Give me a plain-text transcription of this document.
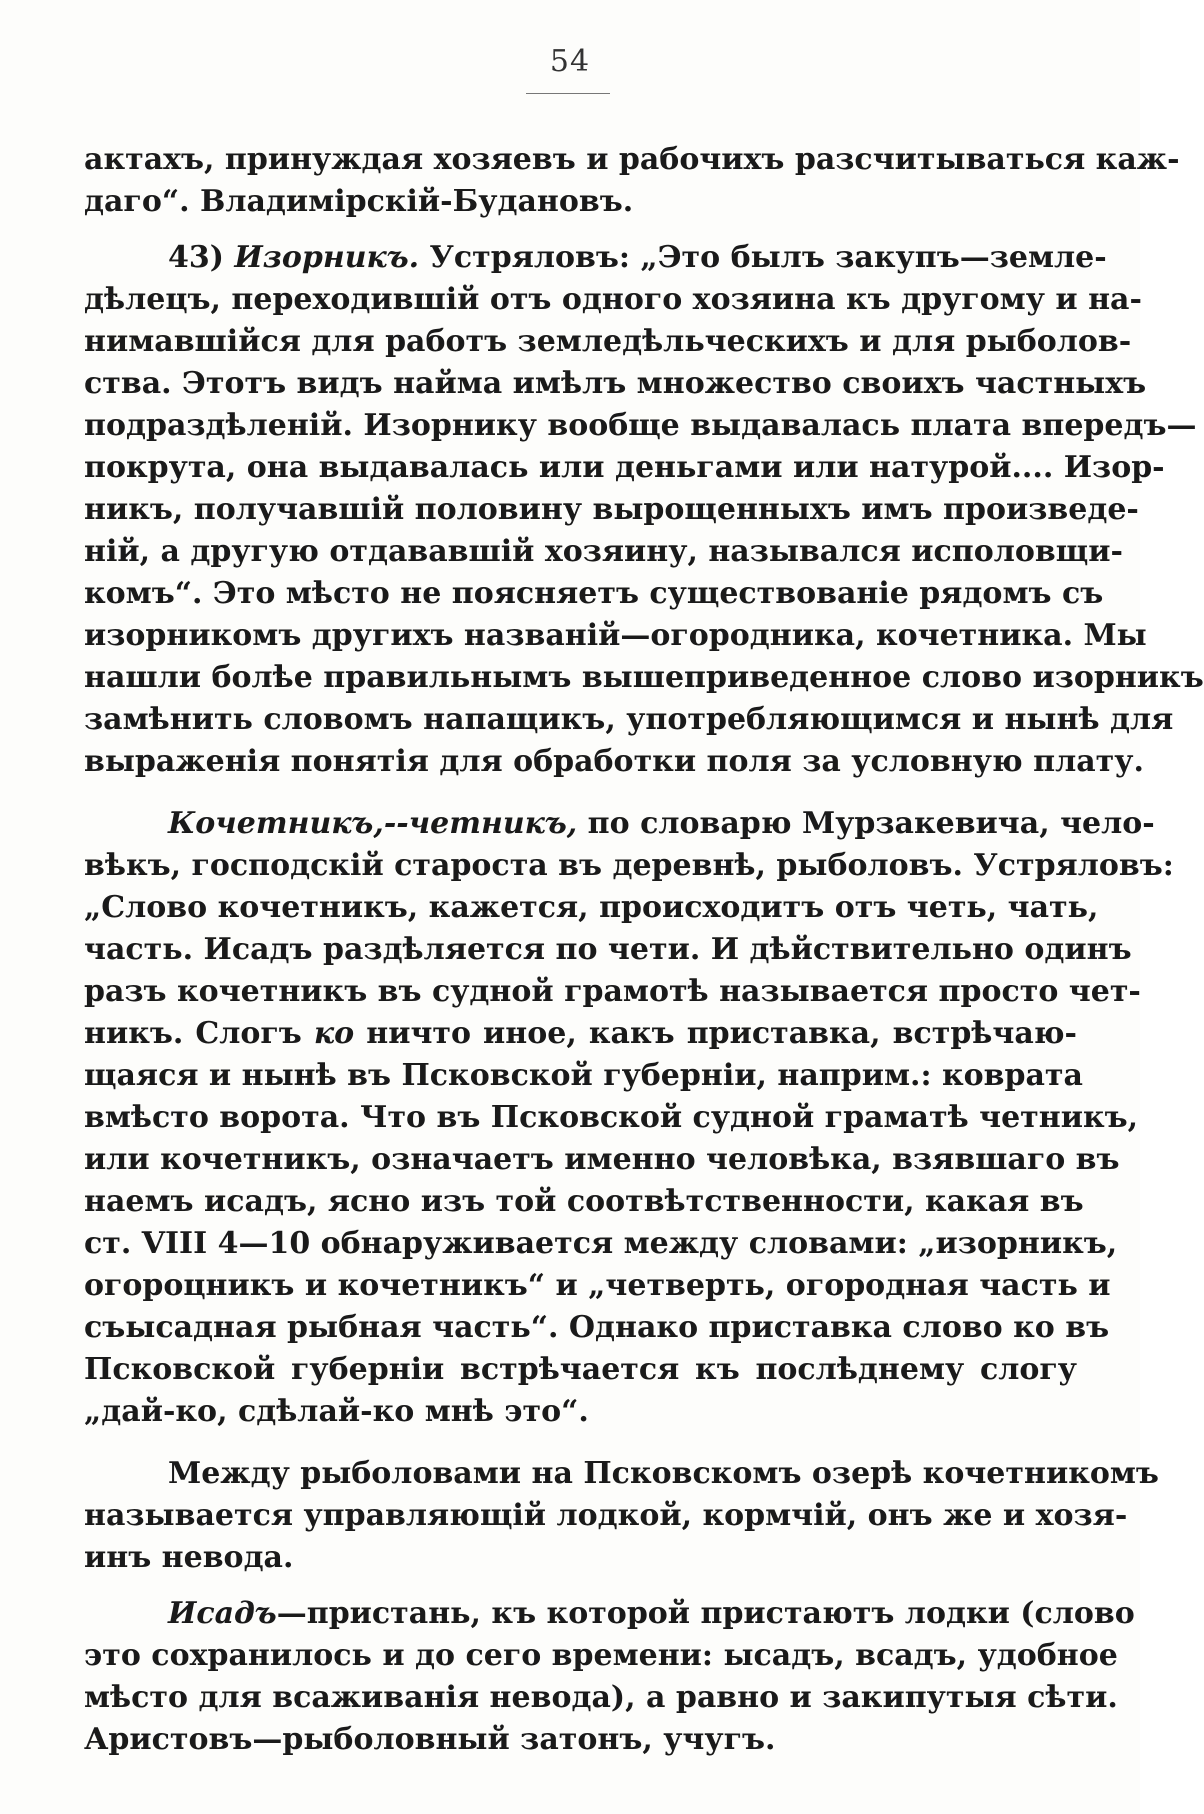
54
актахъ, принуждая хозяевъ и рабочихъ разсчитываться каж-
даго“. Владимірскій-Будановъ.
43) Изорникъ. Устряловъ: „Это былъ закупъ—земле-
дѣлецъ, переходившій отъ одного хозяина къ другому и на-
нимавшійся для работъ земледѣльческихъ и для рыболов-
ства. Этотъ видъ найма имѣлъ множество своихъ частныхъ
подраздѣленій. Изорнику вообще выдавалась плата впередъ—
покрута, она выдавалась или деньгами или натурой.... Изор-
никъ, получавшій половину вырощенныхъ имъ произведе-
ній, а другую отдававшій хозяину, назывался исполовщи-
комъ“. Это мѣсто не поясняетъ существованіе рядомъ съ
изорникомъ другихъ названій—огородника, кочетника. Мы
нашли болѣе правильнымъ вышеприведенное слово изорникъ
замѣнить словомъ напащикъ, употребляющимся и нынѣ для
выраженія понятія для обработки поля за условную плату.
Кочетникъ,--четникъ, по словарю Мурзакевича, чело-
вѣкъ, господскій староста въ деревнѣ, рыболовъ. Устряловъ:
„Слово кочетникъ, кажется, происходитъ отъ четь, чать,
часть. Исадъ раздѣляется по чети. И дѣйствительно одинъ
разъ кочетникъ въ судной грамотѣ называется просто чет-
никъ. Слогъ ко ничто иное, какъ приставка, встрѣчаю-
щаяся и нынѣ въ Псковской губерніи, наприм.: коврата
вмѣсто ворота. Что въ Псковской судной граматѣ четникъ,
или кочетникъ, означаетъ именно человѣка, взявшаго въ
наемъ исадъ, ясно изъ той соотвѣтственности, какая въ
ст. VIII 4—10 обнаруживается между словами: „изорникъ,
огороцникъ и кочетникъ“ и „четверть, огородная часть и
съысадная рыбная часть“. Однако приставка слово ко въ
Псковской губерніи встрѣчается къ послѣднему слогу
„дай-ко, сдѣлай-ко мнѣ это“.
Между рыболовами на Псковскомъ озерѣ кочетникомъ
называется управляющій лодкой, кормчій, онъ же и хозя-
инъ невода.
Исадъ—пристань, къ которой пристаютъ лодки (слово
это сохранилось и до сего времени: ысадъ, всадъ, удобное
мѣсто для всаживанія невода), а равно и закипутыя сѣти.
Аристовъ—рыболовный затонъ, учугъ.
